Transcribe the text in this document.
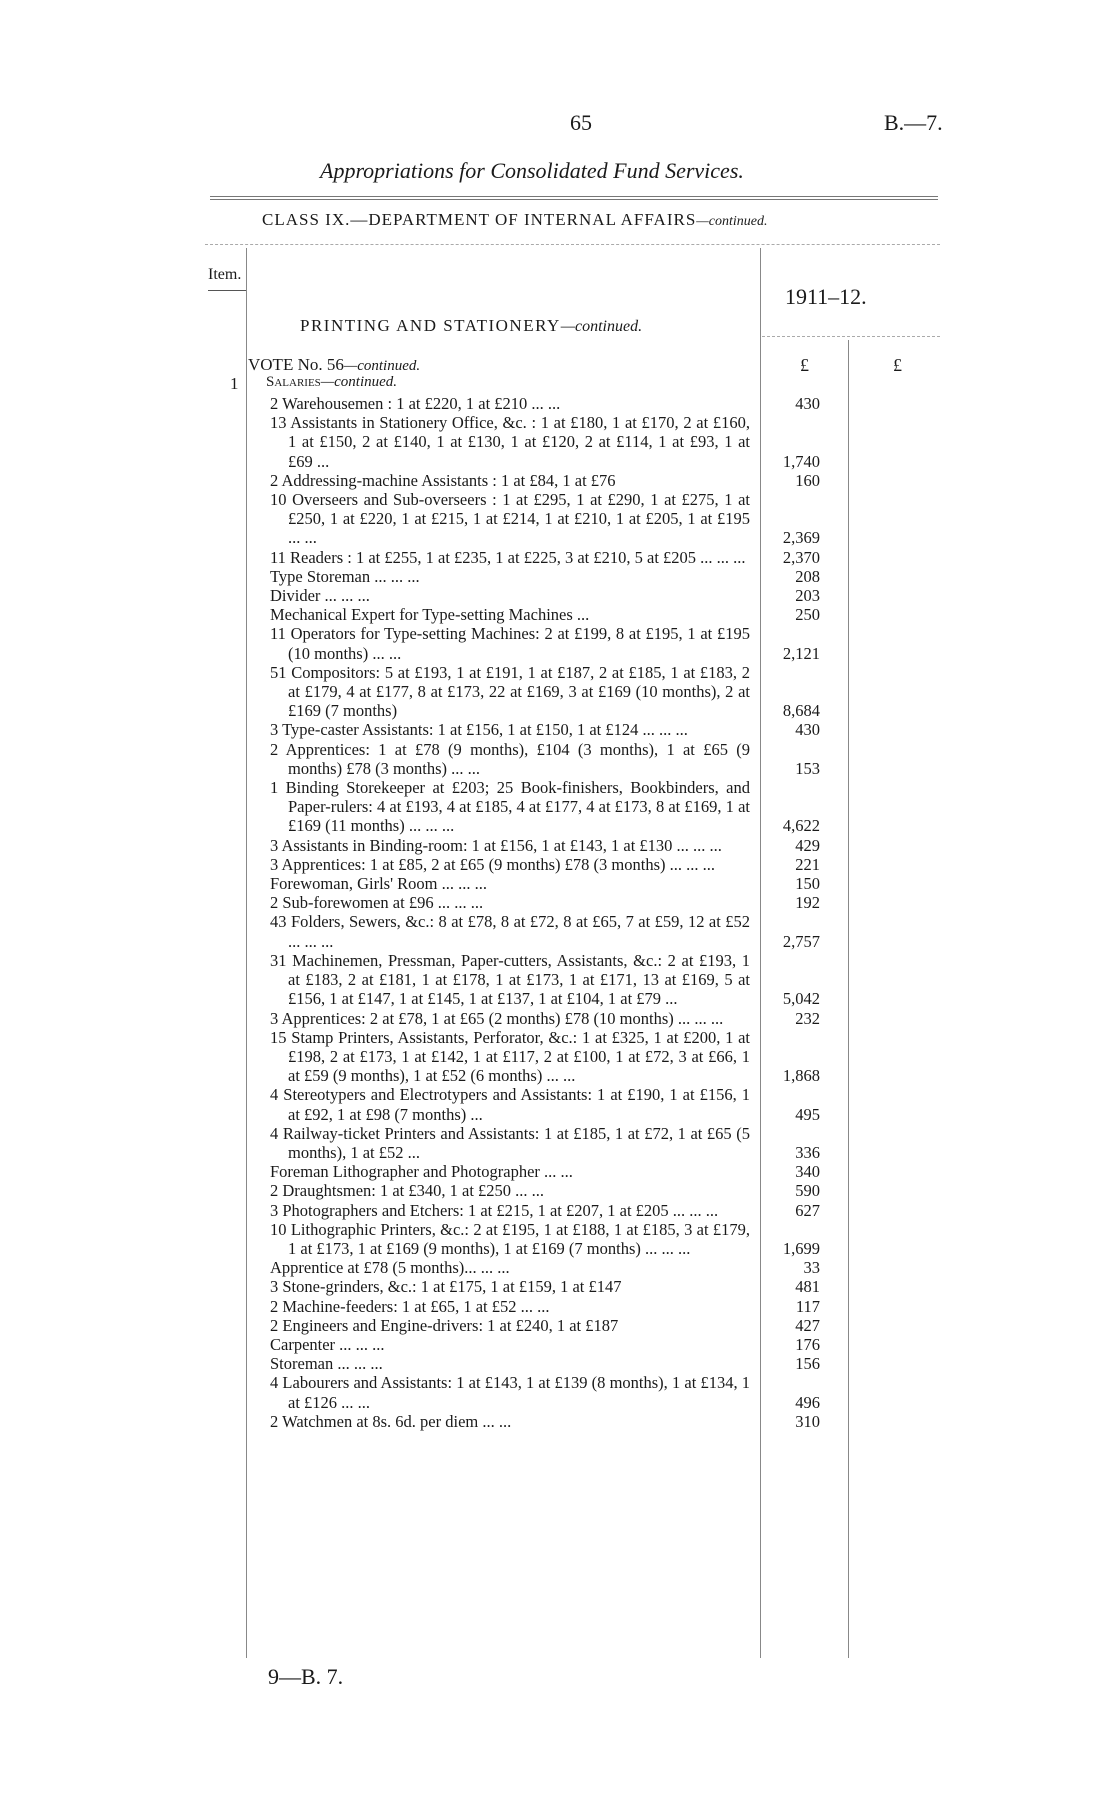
65	B.—7.
Appropriations for Consolidated Fund Services.
CLASS IX.—DEPARTMENT OF INTERNAL AFFAIRS—continued.
Item.
1911–12.
PRINTING AND STATIONERY—continued.
VOTE No. 56—continued.	£	£
1 Salaries—continued.
2 Warehousemen : 1 at £220, 1 at £210 ... ...	430
13 Assistants in Stationery Office, &c. : 1 at £180, 1 at £170, 2 at £160, 1 at £150, 2 at £140, 1 at £130, 1 at £120, 2 at £114, 1 at £93, 1 at £69 ...	1,740
2 Addressing-machine Assistants : 1 at £84, 1 at £76	160
10 Overseers and Sub-overseers : 1 at £295, 1 at £290, 1 at £275, 1 at £250, 1 at £220, 1 at £215, 1 at £214, 1 at £210, 1 at £205, 1 at £195 ... ...	2,369
11 Readers : 1 at £255, 1 at £235, 1 at £225, 3 at £210, 5 at £205 ... ... ...	2,370
Type Storeman ... ... ...	208
Divider ... ... ...	203
Mechanical Expert for Type-setting Machines ...	250
11 Operators for Type-setting Machines: 2 at £199, 8 at £195, 1 at £195 (10 months) ... ...	2,121
51 Compositors: 5 at £193, 1 at £191, 1 at £187, 2 at £185, 1 at £183, 2 at £179, 4 at £177, 8 at £173, 22 at £169, 3 at £169 (10 months), 2 at £169 (7 months)	8,684
3 Type-caster Assistants: 1 at £156, 1 at £150, 1 at £124 ... ... ...	430
2 Apprentices: 1 at £78 (9 months), £104 (3 months), 1 at £65 (9 months) £78 (3 months) ... ...	153
1 Binding Storekeeper at £203; 25 Book-finishers, Bookbinders, and Paper-rulers: 4 at £193, 4 at £185, 4 at £177, 4 at £173, 8 at £169, 1 at £169 (11 months) ... ... ...	4,622
3 Assistants in Binding-room: 1 at £156, 1 at £143, 1 at £130 ... ... ...	429
3 Apprentices: 1 at £85, 2 at £65 (9 months) £78 (3 months) ... ... ...	221
Forewoman, Girls' Room ... ... ...	150
2 Sub-forewomen at £96 ... ... ...	192
43 Folders, Sewers, &c.: 8 at £78, 8 at £72, 8 at £65, 7 at £59, 12 at £52 ... ... ...	2,757
31 Machinemen, Pressman, Paper-cutters, Assistants, &c.: 2 at £193, 1 at £183, 2 at £181, 1 at £178, 1 at £173, 1 at £171, 13 at £169, 5 at £156, 1 at £147, 1 at £145, 1 at £137, 1 at £104, 1 at £79 ...	5,042
3 Apprentices: 2 at £78, 1 at £65 (2 months) £78 (10 months) ... ... ...	232
15 Stamp Printers, Assistants, Perforator, &c.: 1 at £325, 1 at £200, 1 at £198, 2 at £173, 1 at £142, 1 at £117, 2 at £100, 1 at £72, 3 at £66, 1 at £59 (9 months), 1 at £52 (6 months) ... ...	1,868
4 Stereotypers and Electrotypers and Assistants: 1 at £190, 1 at £156, 1 at £92, 1 at £98 (7 months) ...	495
4 Railway-ticket Printers and Assistants: 1 at £185, 1 at £72, 1 at £65 (5 months), 1 at £52 ...	336
Foreman Lithographer and Photographer ... ...	340
2 Draughtsmen: 1 at £340, 1 at £250 ... ...	590
3 Photographers and Etchers: 1 at £215, 1 at £207, 1 at £205 ... ... ...	627
10 Lithographic Printers, &c.: 2 at £195, 1 at £188, 1 at £185, 3 at £179, 1 at £173, 1 at £169 (9 months), 1 at £169 (7 months) ... ... ...	1,699
Apprentice at £78 (5 months)... ... ...	33
3 Stone-grinders, &c.: 1 at £175, 1 at £159, 1 at £147	481
2 Machine-feeders: 1 at £65, 1 at £52 ... ...	117
2 Engineers and Engine-drivers: 1 at £240, 1 at £187	427
Carpenter ... ... ...	176
Storeman ... ... ...	156
4 Labourers and Assistants: 1 at £143, 1 at £139 (8 months), 1 at £134, 1 at £126 ... ...	496
2 Watchmen at 8s. 6d. per diem ... ...	310
9—B. 7.
